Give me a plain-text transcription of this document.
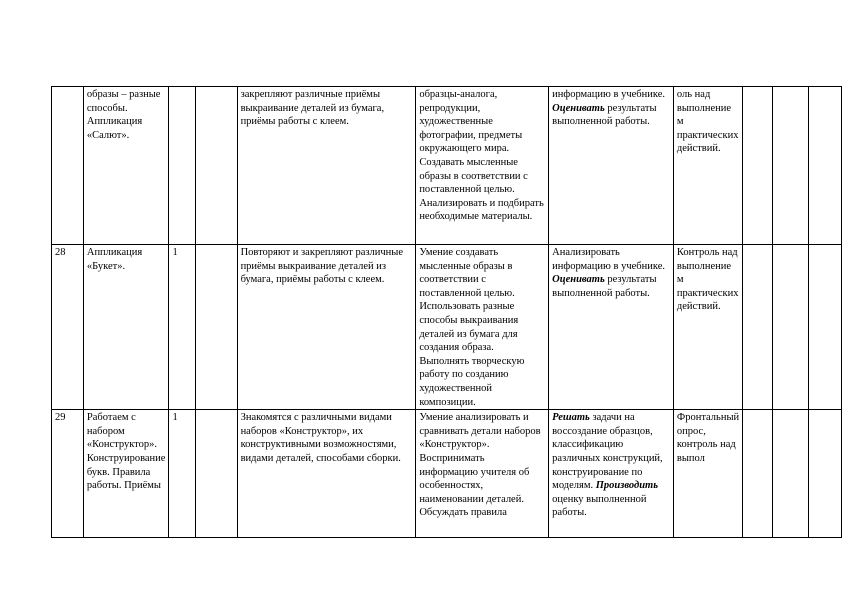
	образы – разные способы. Аппликация «Салют».			закрепляют различные приёмы выкраивание деталей из бумага, приёмы работы с клеем.	образцы-аналога, репродукции, художественные фотографии, предметы окружающего мира. Создавать мысленные образы в соответствии с поставленной целью. Анализировать и подбирать необходимые материалы.	информацию в учебнике. Оценивать результаты выполненной работы.	оль над выполнение м практических действий.			
28	Аппликация «Букет».	1		Повторяют и закрепляют различные приёмы выкраивание деталей из бумага, приёмы работы с клеем.	Умение создавать мысленные образы в соответствии с поставленной целью. Использовать разные способы выкраивания деталей из бумага для создания образа. Выполнять творческую работу по созданию художественной композиции.	Анализировать информацию в учебнике. Оценивать результаты выполненной работы.	Контроль над выполнение м практических действий.			
29	Работаем с набором «Конструктор». Конструирование букв. Правила работы. Приёмы	1		Знакомятся с различными видами наборов «Конструктор», их конструктивными возможностями, видами деталей, способами сборки.	Умение анализировать и сравнивать детали наборов «Конструктор». Воспринимать информацию учителя об особенностях, наименовании деталей. Обсуждать правила	Решать задачи на воссоздание образцов, классификацию различных конструкций, конструирование по моделям. Производить оценку выполненной работы.	Фронтальный опрос, контроль над выпол			
